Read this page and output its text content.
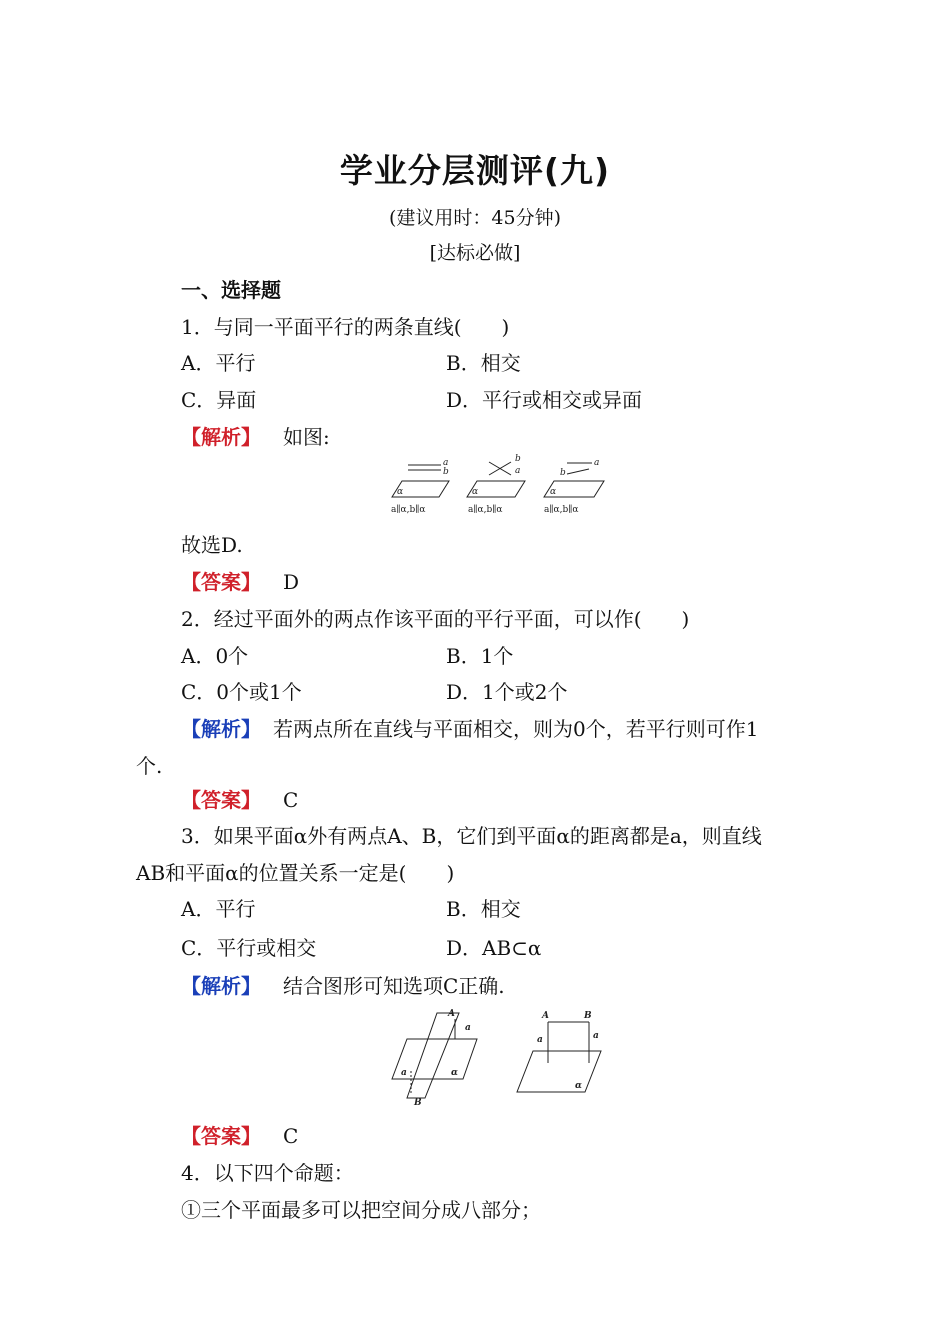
学业分层测评(九)
(建议用时：45分钟)
[达标必做]
一、选择题
1．与同一平面平行的两条直线(　　)
A．平行	B．相交
C．异面	D．平行或相交或异面
【解析】 如图:
a
b
α
b
a
α
a
b
α
a∥α,b∥α	a∥α,b∥α	a∥α,b∥α
故选D.
【答案】 D
2．经过平面外的两点作该平面的平行平面，可以作(　　)
A．0个	B．1个
C．0个或1个	D．1个或2个
【解析】 若两点所在直线与平面相交，则为0个，若平行则可作1
个.
【答案】 C
3．如果平面α外有两点A、B，它们到平面α的距离都是a，则直线
AB和平面α的位置关系一定是(　　)
A．平行	B．相交
C．平行或相交	D．AB⊂α
【解析】 结合图形可知选项C正确.
A
a
a	α
B
A	B
a	a
α
【答案】 C
4．以下四个命题：
①三个平面最多可以把空间分成八部分；
